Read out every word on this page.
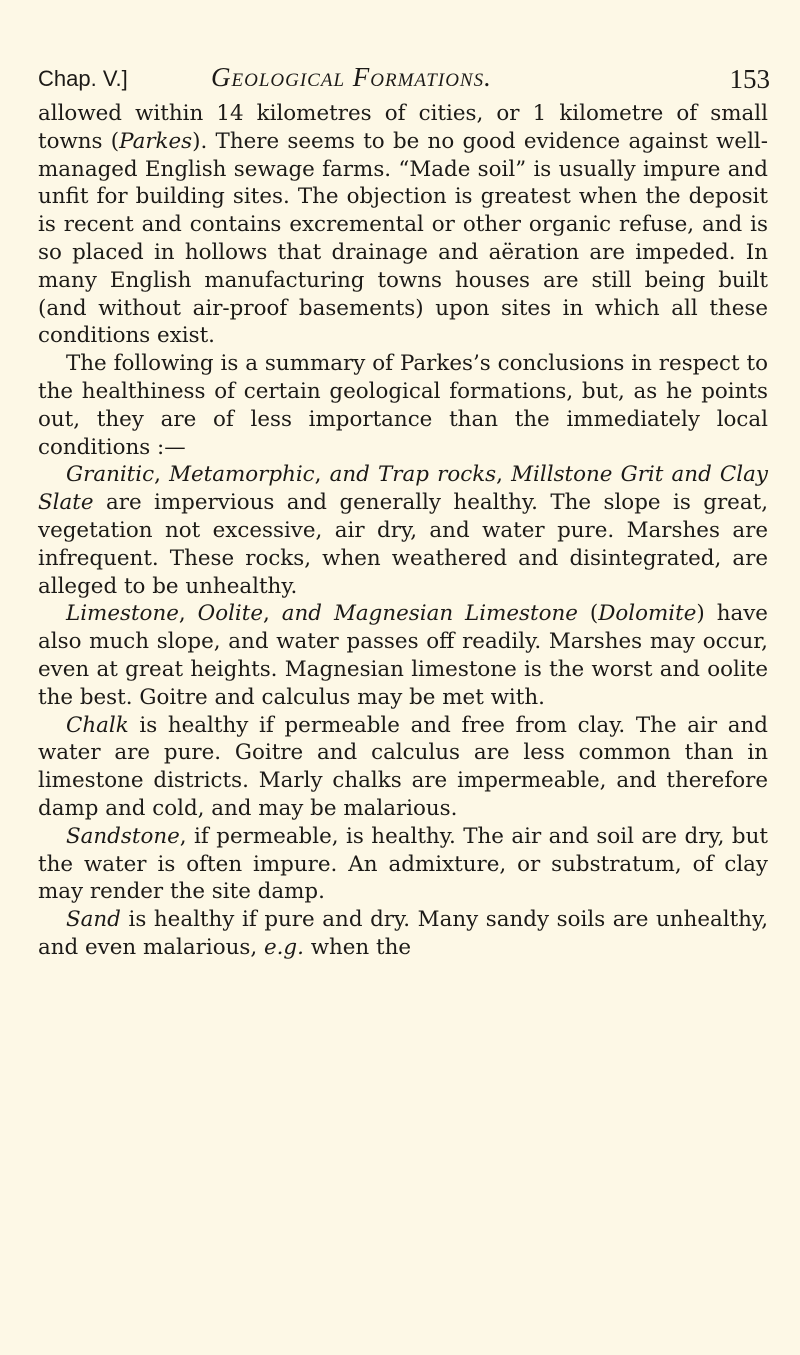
Chap. V.]	Geological Formations.	153

allowed within 14 kilometres of cities, or 1 kilometre of small towns (Parkes). There seems to be no good evidence against well-managed English sewage farms. “Made soil” is usually impure and unfit for building sites. The objection is greatest when the deposit is recent and contains excremental or other organic refuse, and is so placed in hollows that drainage and aëration are impeded. In many English manufacturing towns houses are still being built (and without air-proof basements) upon sites in which all these conditions exist.

The following is a summary of Parkes’s conclusions in respect to the healthiness of certain geological formations, but, as he points out, they are of less importance than the immediately local conditions :—

Granitic, Metamorphic, and Trap rocks, Millstone Grit and Clay Slate are impervious and generally healthy. The slope is great, vegetation not excessive, air dry, and water pure. Marshes are infrequent. These rocks, when weathered and disintegrated, are alleged to be unhealthy.

Limestone, Oolite, and Magnesian Limestone (Dolomite) have also much slope, and water passes off readily. Marshes may occur, even at great heights. Magnesian limestone is the worst and oolite the best. Goitre and calculus may be met with.

Chalk is healthy if permeable and free from clay. The air and water are pure. Goitre and calculus are less common than in limestone districts. Marly chalks are impermeable, and therefore damp and cold, and may be malarious.

Sandstone, if permeable, is healthy. The air and soil are dry, but the water is often impure. An admixture, or substratum, of clay may render the site damp.

Sand is healthy if pure and dry. Many sandy soils are unhealthy, and even malarious, e.g. when the
